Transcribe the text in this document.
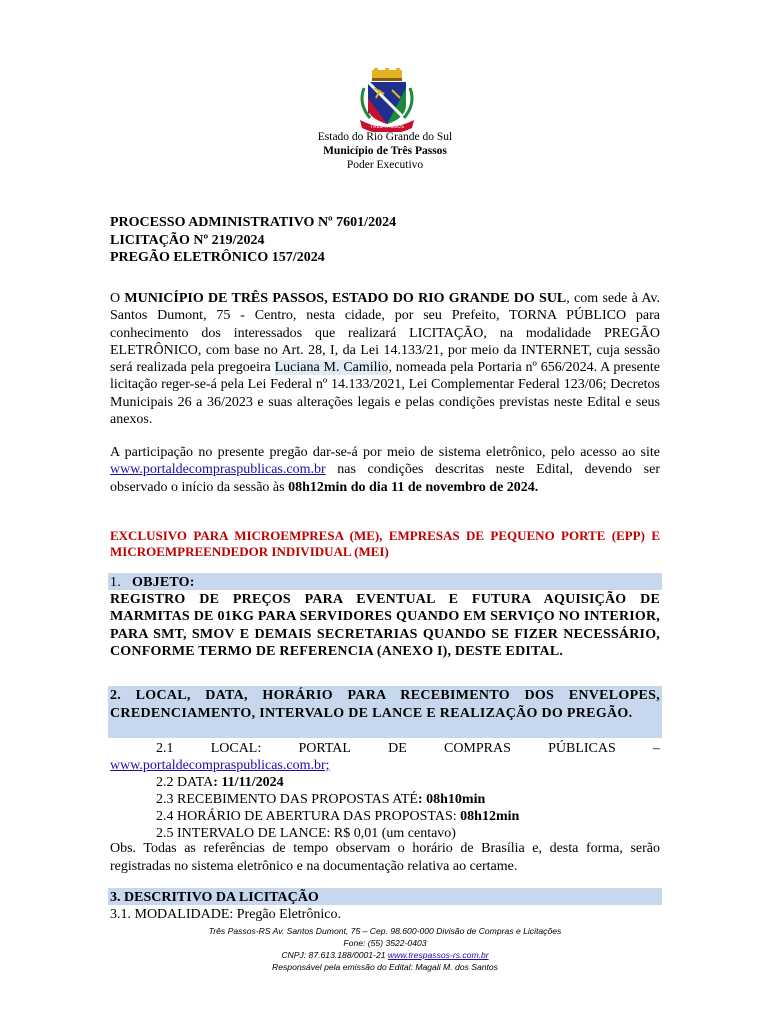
TRÊS PASSOS
Estado do Rio Grande do Sul
Município de Três Passos
Poder Executivo
PROCESSO ADMINISTRATIVO Nº 7601/2024
LICITAÇÃO Nº 219/2024
PREGÃO ELETRÔNICO 157/2024
O MUNICÍPIO DE TRÊS PASSOS, ESTADO DO RIO GRANDE DO SUL, com sede à Av. Santos Dumont, 75 - Centro, nesta cidade, por seu Prefeito, TORNA PÚBLICO para conhecimento dos interessados que realizará LICITAÇÃO, na modalidade PREGÃO ELETRÔNICO, com base no Art. 28, I, da Lei 14.133/21, por meio da INTERNET, cuja sessão será realizada pela pregoeira Luciana M. Camilio, nomeada pela Portaria nº 656/2024. A presente licitação reger-se-á pela Lei Federal nº 14.133/2021, Lei Complementar Federal 123/06; Decretos Municipais 26 a 36/2023 e suas alterações legais e pelas condições previstas neste Edital e seus anexos.
A participação no presente pregão dar-se-á por meio de sistema eletrônico, pelo acesso ao site www.portaldecompraspublicas.com.br nas condições descritas neste Edital, devendo ser observado o início da sessão às 08h12min do dia 11 de novembro de 2024.
EXCLUSIVO PARA MICROEMPRESA (ME), EMPRESAS DE PEQUENO PORTE (EPP) E MICROEMPREENDEDOR INDIVIDUAL (MEI)
1. OBJETO:
REGISTRO DE PREÇOS PARA EVENTUAL E FUTURA AQUISIÇÃO DE MARMITAS DE 01KG PARA SERVIDORES QUANDO EM SERVIÇO NO INTERIOR, PARA SMT, SMOV E DEMAIS SECRETARIAS QUANDO SE FIZER NECESSÁRIO, CONFORME TERMO DE REFERENCIA (ANEXO I), DESTE EDITAL.
2. LOCAL, DATA, HORÁRIO PARA RECEBIMENTO DOS ENVELOPES, CREDENCIAMENTO, INTERVALO DE LANCE E REALIZAÇÃO DO PREGÃO.
2.1	LOCAL:	PORTAL	DE	COMPRAS	PÚBLICAS	–
www.portaldecompraspublicas.com.br;
2.2 DATA: 11/11/2024
2.3 RECEBIMENTO DAS PROPOSTAS ATÉ: 08h10min
2.4 HORÁRIO DE ABERTURA DAS PROPOSTAS: 08h12min
2.5 INTERVALO DE LANCE: R$ 0,01 (um centavo)
Obs. Todas as referências de tempo observam o horário de Brasília e, desta forma, serão registradas no sistema eletrônico e na documentação relativa ao certame.
3. DESCRITIVO DA LICITAÇÃO
3.1. MODALIDADE: Pregão Eletrônico.
Três Passos-RS Av. Santos Dumont, 75 – Cep. 98.600-000 Divisão de Compras e Licitações
Fone: (55) 3522-0403
CNPJ: 87.613.188/0001-21 www.trespassos-rs.com.br
Responsável pela emissão do Edital: Magali M. dos Santos
